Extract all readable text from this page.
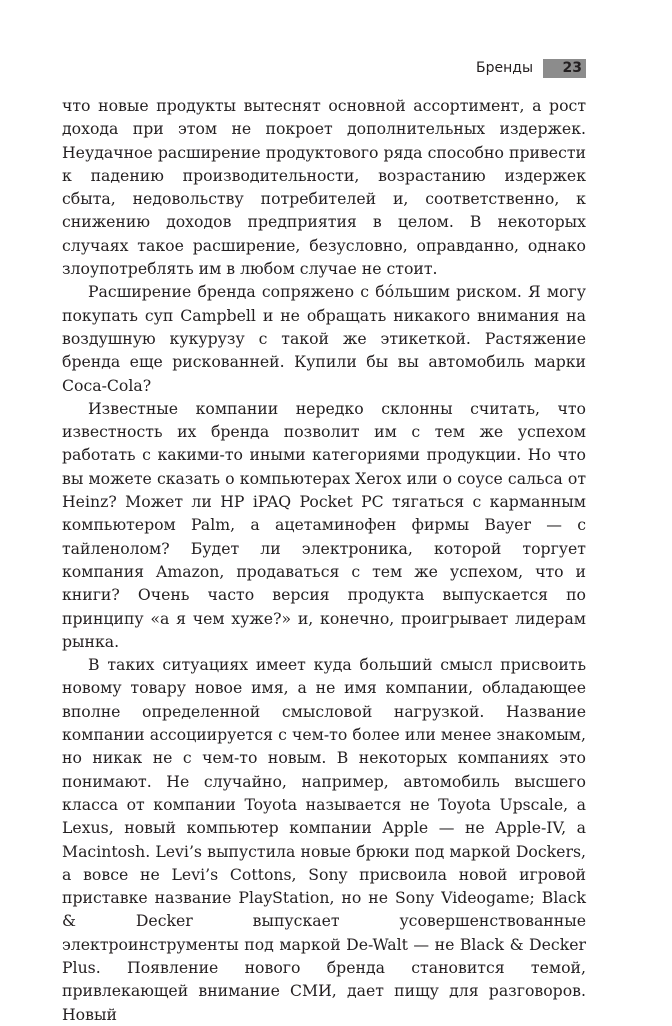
Бренды	23

что новые продукты вытеснят основной ассортимент, а рост дохода при этом не покроет дополнительных издержек. Неудачное расширение продуктового ряда способно привести к падению производительности, возрастанию издержек сбыта, недовольству потребителей и, соответственно, к снижению доходов предприятия в целом. В некоторых случаях такое расширение, безусловно, оправданно, однако злоупотреблять им в любом случае не стоит.

Расширение бренда сопряжено с бо́льшим риском. Я могу покупать суп Campbell и не обращать никакого внимания на воздушную кукурузу с такой же этикеткой. Растяжение бренда еще рискованней. Купили бы вы автомобиль марки Coca-Cola?

Известные компании нередко склонны считать, что известность их бренда позволит им с тем же успехом работать с какими-то иными категориями продукции. Но что вы можете сказать о компьютерах Xerox или о соусе сальса от Heinz? Может ли HP iPAQ Pocket PC тягаться с карманным компьютером Palm, а ацетаминофен фирмы Bayer — с тайленолом? Будет ли электроника, которой торгует компания Amazon, продаваться с тем же успехом, что и книги? Очень часто версия продукта выпускается по принципу «а я чем хуже?» и, конечно, проигрывает лидерам рынка.

В таких ситуациях имеет куда больший смысл присвоить новому товару новое имя, а не имя компании, обладающее вполне определенной смысловой нагрузкой. Название компании ассоциируется с чем-то более или менее знакомым, но никак не с чем-то новым. В некоторых компаниях это понимают. Не случайно, например, автомобиль высшего класса от компании Toyota называется не Toyota Upscale, а Lexus, новый компьютер компании Apple — не Apple-IV, а Macintosh. Levi’s выпустила новые брюки под маркой Dockers, а вовсе не Levi’s Cottons, Sony присвоила новой игровой приставке название PlayStation, но не Sony Videogame; Black & Decker выпускает усовершенствованные электроинструменты под маркой De-Walt — не Black & Decker Plus. Появление нового бренда становится темой, привлекающей внимание СМИ, дает пищу для разговоров. Новый
